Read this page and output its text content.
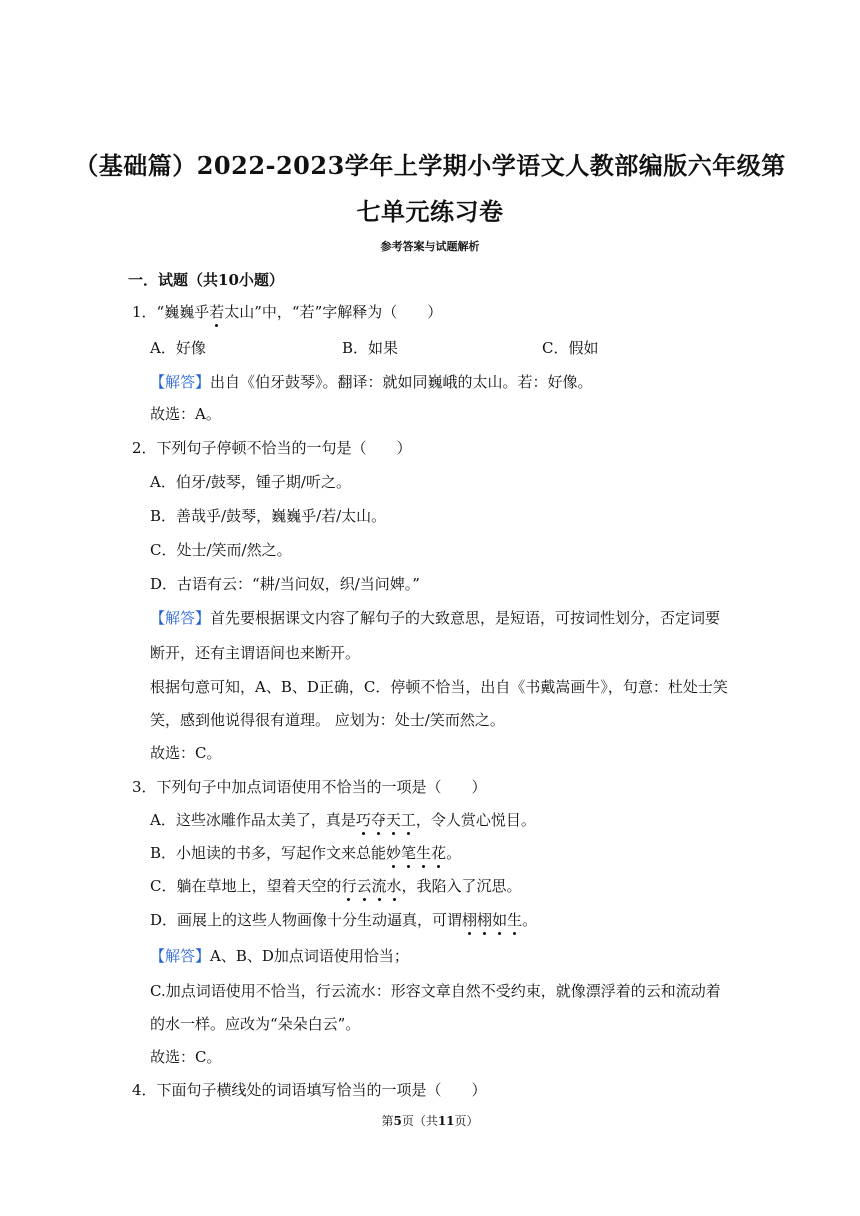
（基础篇）2022-2023学年上学期小学语文人教部编版六年级第
七单元练习卷
参考答案与试题解析
一．试题（共10小题）
1．“巍巍乎若太山”中，“若”字解释为（　　）
A．好像	B．如果	C．假如
【解答】出自《伯牙鼓琴》。翻译：就如同巍峨的太山。若：好像。
故选：A。
2．下列句子停顿不恰当的一句是（　　）
A．伯牙/鼓琴，锺子期/听之。
B．善哉乎/鼓琴，巍巍乎/若/太山。
C．处士/笑而/然之。
D．古语有云：“耕/当问奴，织/当问婢。”
【解答】首先要根据课文内容了解句子的大致意思，是短语，可按词性划分，否定词要
断开，还有主谓语间也来断开。
根据句意可知，A、B、D正确，C．停顿不恰当，出自《书戴嵩画牛》，句意：杜处士笑
笑，感到他说得很有道理。 应划为：处士/笑而然之。
故选：C。
3．下列句子中加点词语使用不恰当的一项是（　　）
A．这些冰雕作品太美了，真是巧夺天工，令人赏心悦目。
B．小旭读的书多，写起作文来总能妙笔生花。
C．躺在草地上，望着天空的行云流水，我陷入了沉思。
D．画展上的这些人物画像十分生动逼真，可谓栩栩如生。
【解答】A、B、D加点词语使用恰当；
C.加点词语使用不恰当，行云流水：形容文章自然不受约束，就像漂浮着的云和流动着
的水一样。应改为“朵朵白云”。
故选：C。
4．下面句子横线处的词语填写恰当的一项是（　　）
第5页（共11页）
